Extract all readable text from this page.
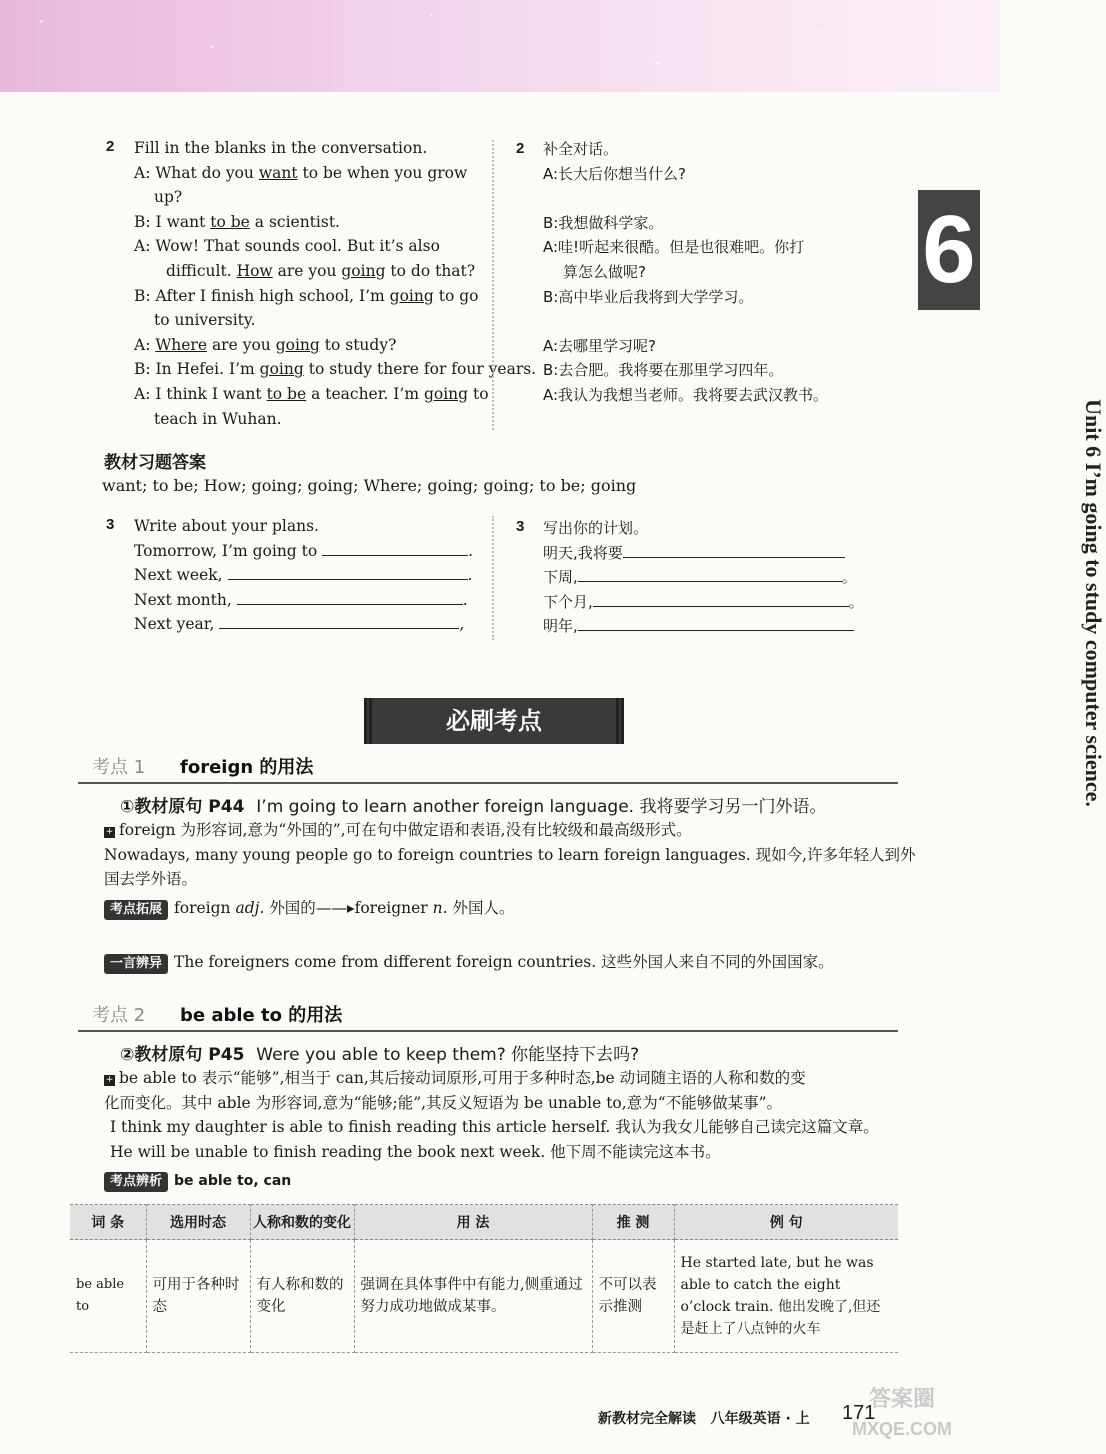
2 Fill in the blanks in the conversation.
A: What do you want to be when you grow
up?
B: I want to be a scientist.
A: Wow! That sounds cool. But it’s also
difficult. How are you going to do that?
B: After I finish high school, I’m going to go
to university.
A: Where are you going to study?
B: In Hefei. I’m going to study there for four years.
A: I think I want to be a teacher. I’m going to
teach in Wuhan.
2 补全对话。
A:长大后你想当什么?
B:我想做科学家。
A:哇!听起来很酷。但是也很难吧。你打
算怎么做呢?
B:高中毕业后我将到大学学习。
A:去哪里学习呢?
B:去合肥。我将要在那里学习四年。
A:我认为我想当老师。我将要去武汉教书。
教材习题答案
want; to be; How; going; going; Where; going; going; to be; going
3 Write about your plans.
Tomorrow, I’m going to	.
Next week,	.
Next month,	.
Next year,	,
3 写出你的计划。
明天,我将要
下周,	。
下个月,	。
明年,
6
Unit 6 I’m going to study computer science.
必刷考点
考点 1 foreign 的用法
①教材原句 P44 I’m going to learn another foreign language. 我将要学习另一门外语。
+ foreign 为形容词,意为“外国的”,可在句中做定语和表语,没有比较级和最高级形式。
Nowadays, many young people go to foreign countries to learn foreign languages. 现如今,许多年轻人到外
国去学外语。
考点拓展 foreign adj. 外国的——▸foreigner n. 外国人。
一言辨异 The foreigners come from different foreign countries. 这些外国人来自不同的外国国家。
考点 2 be able to 的用法
②教材原句 P45 Were you able to keep them? 你能坚持下去吗?
+ be able to 表示“能够”,相当于 can,其后接动词原形,可用于多种时态,be 动词随主语的人称和数的变
化而变化。其中 able 为形容词,意为“能够;能”,其反义短语为 be unable to,意为“不能够做某事”。
I think my daughter is able to finish reading this article herself. 我认为我女儿能够自己读完这篇文章。
He will be unable to finish reading the book next week. 他下周不能读完这本书。
考点辨析 be able to, can
词 条	选用时态	人称和数的变化	用 法	推 测	例 句
be able to	可用于各种时态	有人称和数的变化	强调在具体事件中有能力,侧重通过努力成功地做成某事。	不可以表示推测	He started late, but he was able to catch the eight o’clock train. 他出发晚了,但还是赶上了八点钟的火车
新教材完全解读 八年级英语 · 上 171
答案圈
MXQE.COM
